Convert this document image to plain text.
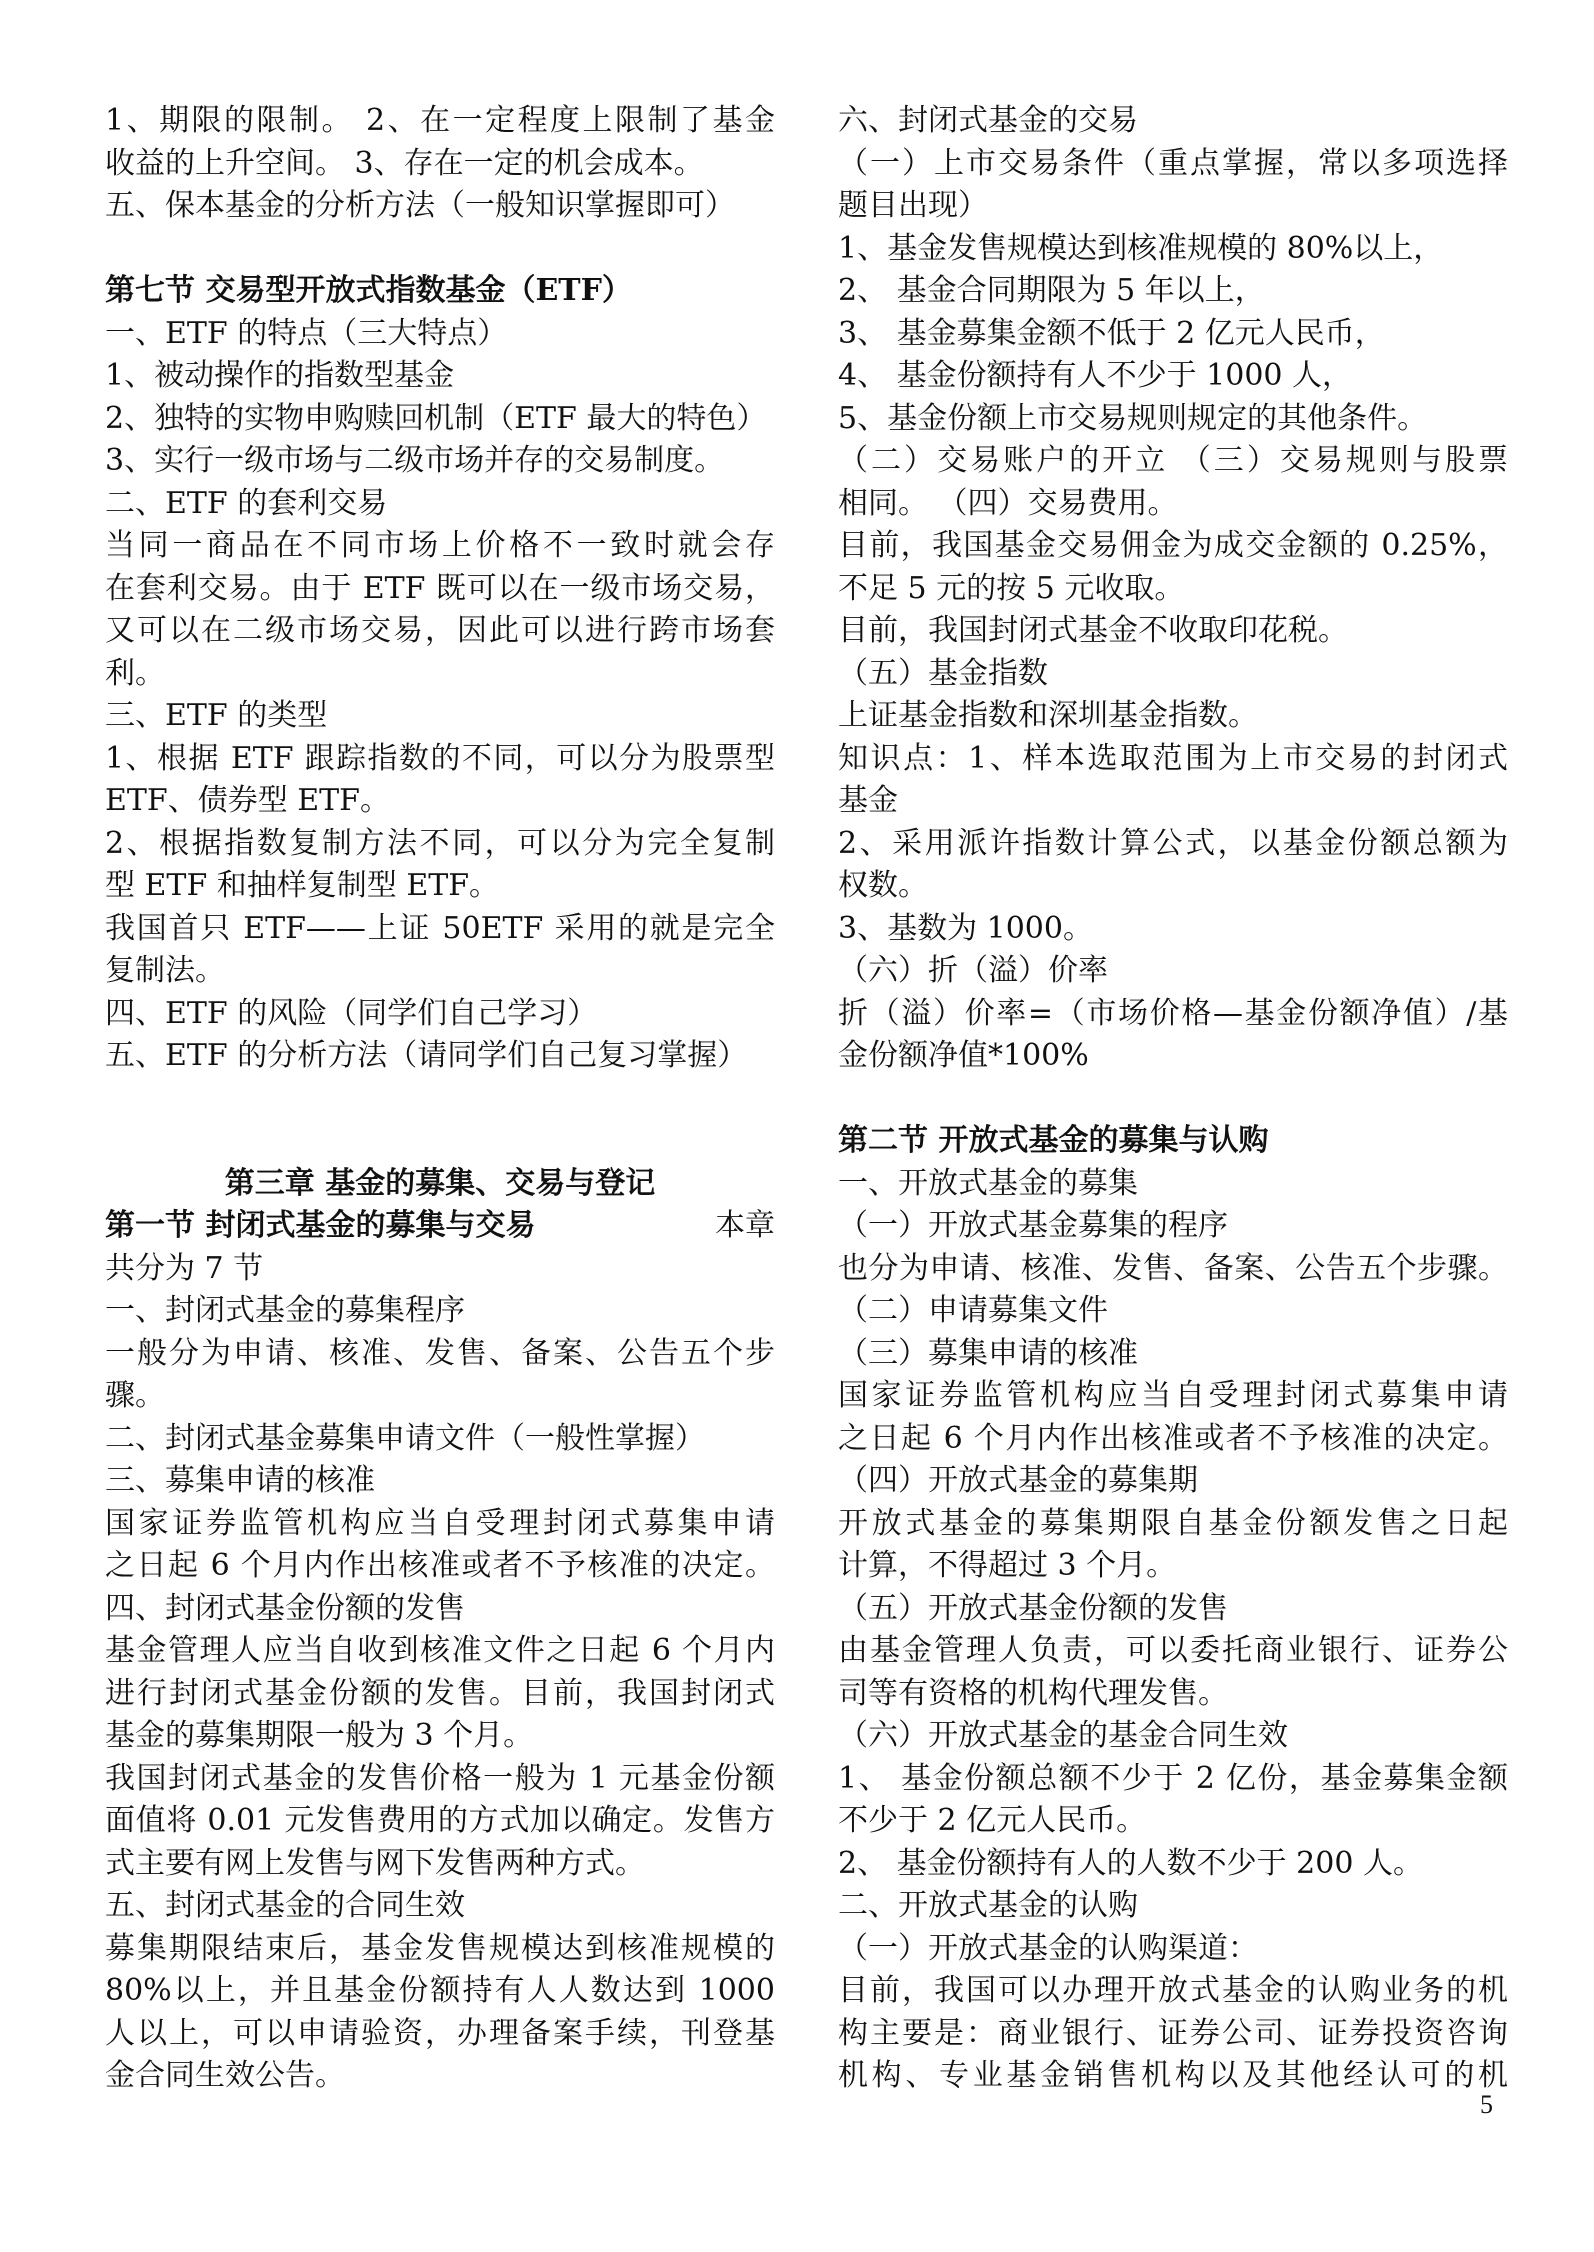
1、期限的限制。 2、在一定程度上限制了基金
收益的上升空间。 3、存在一定的机会成本。
五、保本基金的分析方法（一般知识掌握即可）
第七节 交易型开放式指数基金（ETF）
一、ETF 的特点（三大特点）
1、被动操作的指数型基金
2、独特的实物申购赎回机制（ETF 最大的特色）
3、实行一级市场与二级市场并存的交易制度。
二、ETF 的套利交易
当同一商品在不同市场上价格不一致时就会存
在套利交易。由于 ETF 既可以在一级市场交易，
又可以在二级市场交易，因此可以进行跨市场套
利。
三、ETF 的类型
1、根据 ETF 跟踪指数的不同，可以分为股票型
ETF、债券型 ETF。
2、根据指数复制方法不同，可以分为完全复制
型 ETF 和抽样复制型 ETF。
我国首只 ETF——上证 50ETF 采用的就是完全
复制法。
四、ETF 的风险（同学们自己学习）
五、ETF 的分析方法（请同学们自己复习掌握）
第三章 基金的募集、交易与登记
第一节 封闭式基金的募集与交易	本章
共分为 7 节
一、封闭式基金的募集程序
一般分为申请、核准、发售、备案、公告五个步
骤。
二、封闭式基金募集申请文件（一般性掌握）
三、募集申请的核准
国家证券监管机构应当自受理封闭式募集申请
之日起 6 个月内作出核准或者不予核准的决定。
四、封闭式基金份额的发售
基金管理人应当自收到核准文件之日起 6 个月内
进行封闭式基金份额的发售。目前，我国封闭式
基金的募集期限一般为 3 个月。
我国封闭式基金的发售价格一般为 1 元基金份额
面值将 0.01 元发售费用的方式加以确定。发售方
式主要有网上发售与网下发售两种方式。
五、封闭式基金的合同生效
募集期限结束后，基金发售规模达到核准规模的
80%以上，并且基金份额持有人人数达到 1000
人以上，可以申请验资，办理备案手续，刊登基
金合同生效公告。
六、封闭式基金的交易
（一）上市交易条件（重点掌握，常以多项选择
题目出现）
1、基金发售规模达到核准规模的 80%以上，
2、 基金合同期限为 5 年以上，
3、 基金募集金额不低于 2 亿元人民币，
4、 基金份额持有人不少于 1000 人，
5、基金份额上市交易规则规定的其他条件。
（二）交易账户的开立 （三）交易规则与股票
相同。 （四）交易费用。
目前，我国基金交易佣金为成交金额的 0.25%，
不足 5 元的按 5 元收取。
目前，我国封闭式基金不收取印花税。
（五）基金指数
上证基金指数和深圳基金指数。
知识点：1、样本选取范围为上市交易的封闭式
基金
2、采用派许指数计算公式，以基金份额总额为
权数。
3、基数为 1000。
（六）折（溢）价率
折（溢）价率=（市场价格—基金份额净值）/基
金份额净值*100%
第二节 开放式基金的募集与认购
一、开放式基金的募集
（一）开放式基金募集的程序
也分为申请、核准、发售、备案、公告五个步骤。
（二）申请募集文件
（三）募集申请的核准
国家证券监管机构应当自受理封闭式募集申请
之日起 6 个月内作出核准或者不予核准的决定。
（四）开放式基金的募集期
开放式基金的募集期限自基金份额发售之日起
计算，不得超过 3 个月。
（五）开放式基金份额的发售
由基金管理人负责，可以委托商业银行、证券公
司等有资格的机构代理发售。
（六）开放式基金的基金合同生效
1、 基金份额总额不少于 2 亿份，基金募集金额
不少于 2 亿元人民币。
2、 基金份额持有人的人数不少于 200 人。
二、开放式基金的认购
（一）开放式基金的认购渠道：
目前，我国可以办理开放式基金的认购业务的机
构主要是：商业银行、证券公司、证券投资咨询
机构、专业基金销售机构以及其他经认可的机
5
